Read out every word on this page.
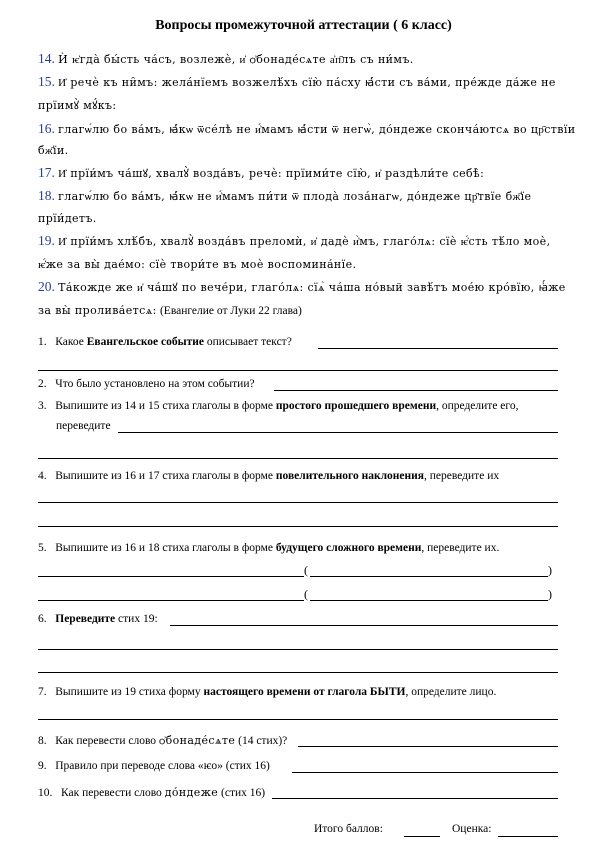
Вопросы промежуточной аттестации ( 6 класс)
14. Ѝ ѥ҆гда̀ бы́сть ча́съ, возлежѐ, и҆ ѻ҆бонаде́сѧте а҆п҃лъ съ ни́мъ.
15. И҆ речѐ къ ни̑мъ: жела́нїемъ возжелѣ́хъ сїю̀ па́сху ꙗ҆́сти съ ва́ми, пре́жде да́же не
прїимꙋ̀ мꙋ́къ:
16. глагѡ́лю бо ва́мъ, ꙗ҆́кѡ ѿсе́лѣ не и҆́мамъ ꙗ҆́сти ѿ негѡ̀, до́ндеже сконча́ютсѧ во цр҃ствїи
бж҃їи.
17. И҆ прїи́мъ ча́шꙋ, хвалꙋ̀ возда́въ, речѐ: прїими́те сїю̀, и҆ раздѣли́те себѣ̀:
18. глагѡ́лю бо ва́мъ, ꙗ҆́кѡ не и҆́мамъ пи́ти ѿ плода̀ лоза́нагѡ, до́ндеже цр҃твїе бж҃їе
прїи́детъ.
19. И҆ прїи́мъ хлѣ́бъ, хвалꙋ̀ возда́въ преломѝ, и҆ дадѐ и҆̀мъ, глаго́лѧ: сїѐ ѥ҆́сть тѣ́ло моѐ,
ѥ҆́же за вы̀ дае́мо: сїѐ твори́те въ моѐ воспомина́нїе.
20. Та́кожде же и҆ ча́шꙋ по вече́ри, глаго́лѧ: сїѧ̀ ча́ша но́вый завѣ́тъ мое́ю кро́вїю, ꙗ҆́же
за вы̀ пролива́етсѧ: (Евангелие от Луки 22 глава)
1. Какое Евангельское событие описывает текст?
2. Что было установлено на этом событии?
3. Выпишите из 14 и 15 стиха глаголы в форме простого прошедшего времени, определите его,
переведите
4. Выпишите из 16 и 17 стиха глаголы в форме повелительного наклонения, переведите их
5. Выпишите из 16 и 18 стиха глаголы в форме будущего сложного времени, переведите их.
(	)
(	)
6. Переведите стих 19:
7. Выпишите из 19 стиха форму настоящего времени от глагола БЫТИ, определите лицо.
8. Как перевести слово ѻ҆бонаде́сѧте (14 стих)?
9. Правило при переводе слова «ѥо» (стих 16)
10. Как перевести слово до́ндеже (стих 16)
Итого баллов:	Оценка:
